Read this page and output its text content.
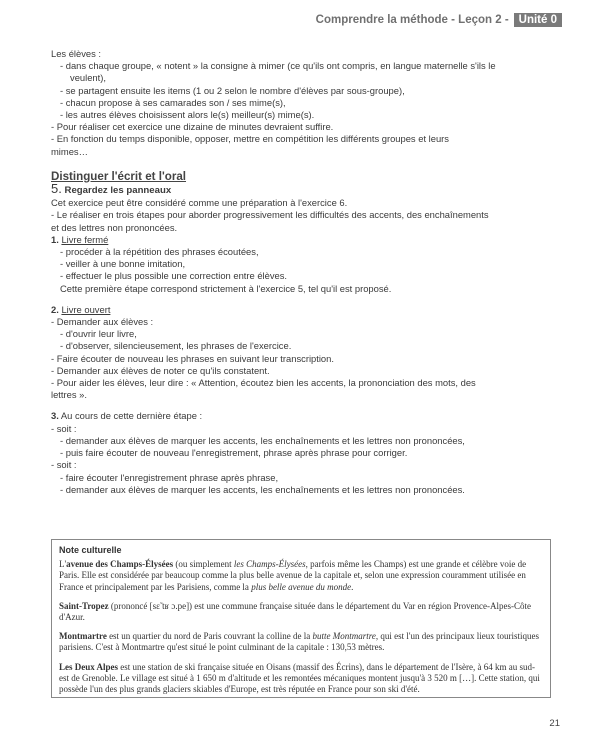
Comprendre la méthode - Leçon 2 - Unité 0

Les élèves :

- dans chaque groupe, « notent » la consigne à mimer (ce qu'ils ont compris, en langue maternelle s'ils le

veulent),

- se partagent ensuite les items (1 ou 2 selon le nombre d'élèves par sous-groupe),

- chacun propose à ses camarades son / ses mime(s),

- les autres élèves choisissent alors le(s) meilleur(s) mime(s).

- Pour réaliser cet exercice une dizaine de minutes devraient suffire.

- En fonction du temps disponible, opposer, mettre en compétition les différents groupes et leurs

mimes…

Distinguer l'écrit et l'oral

5. Regardez les panneaux

Cet exercice peut être considéré comme une préparation à l'exercice 6.

- Le réaliser en trois étapes pour aborder progressivement les difficultés des accents, des enchaînements

et des lettres non prononcées.

1. Livre fermé

- procéder à la répétition des phrases écoutées,

- veiller à une bonne imitation,

- effectuer le plus possible une correction entre élèves.

Cette première étape correspond strictement à l'exercice 5, tel qu'il est proposé.

2. Livre ouvert

- Demander aux élèves :

- d'ouvrir leur livre,

- d'observer, silencieusement, les phrases de l'exercice.

- Faire écouter de nouveau les phrases en suivant leur transcription.

- Demander aux élèves de noter ce qu'ils constatent.

- Pour aider les élèves, leur dire : « Attention, écoutez bien les accents, la prononciation des mots, des

lettres ».

3. Au cours de cette dernière étape :

- soit :

- demander aux élèves de marquer les accents, les enchaînements et les lettres non prononcées,

- puis faire écouter de nouveau l'enregistrement, phrase après phrase pour corriger.

- soit :

- faire écouter l'enregistrement phrase après phrase,

- demander aux élèves de marquer les accents, les enchaînements et les lettres non prononcées.

Note culturelle

L'avenue des Champs-Élysées (ou simplement les Champs-Élysées, parfois même les Champs) est une grande et célèbre voie de Paris. Elle est considérée par beaucoup comme la plus belle avenue de la capitale et, selon une expression couramment utilisée en France et principalement par les Parisiens, comme la plus belle avenue du monde.

Saint-Tropez (prononcé [sɛ̃ tʁ ɔ.pe]) est une commune française située dans le département du Var en région Provence-Alpes-Côte d'Azur.

Montmartre est un quartier du nord de Paris couvrant la colline de la butte Montmartre, qui est l'un des principaux lieux touristiques parisiens. C'est à Montmartre qu'est situé le point culminant de la capitale : 130,53 mètres.

Les Deux Alpes est une station de ski française située en Oisans (massif des Écrins), dans le département de l'Isère, à 64 km au sud-est de Grenoble. Le village est situé à 1 650 m d'altitude et les remontées mécaniques montent jusqu'à 3 520 m […]. Cette station, qui possède l'un des plus grands glaciers skiables d'Europe, est très réputée en France pour son ski d'été.

21
